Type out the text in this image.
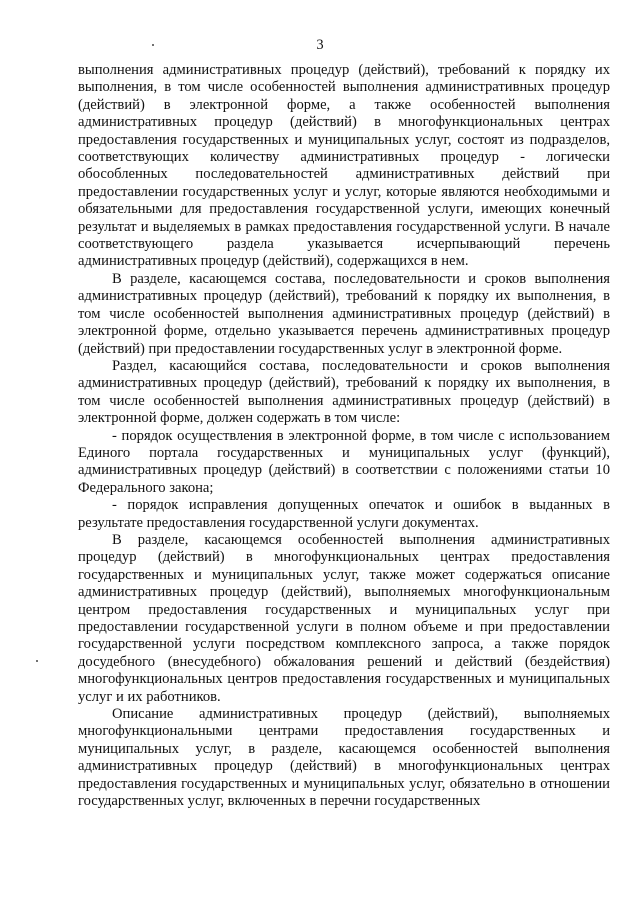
3

выполнения административных процедур (действий), требований к порядку их выполнения, в том числе особенностей выполнения административных процедур (действий) в электронной форме, а также особенностей выполнения административных процедур (действий) в многофункциональных центрах предоставления государственных и муниципальных услуг, состоят из подразделов, соответствующих количеству административных процедур - логически обособленных последовательностей административных действий при предоставлении государственных услуг и услуг, которые являются необходимыми и обязательными для предоставления государственной услуги, имеющих конечный результат и выделяемых в рамках предоставления государственной услуги. В начале соответствующего раздела указывается исчерпывающий перечень административных процедур (действий), содержащихся в нем.

В разделе, касающемся состава, последовательности и сроков выполнения административных процедур (действий), требований к порядку их выполнения, в том числе особенностей выполнения административных процедур (действий) в электронной форме, отдельно указывается перечень административных процедур (действий) при предоставлении государственных услуг в электронной форме.

Раздел, касающийся состава, последовательности и сроков выполнения административных процедур (действий), требований к порядку их выполнения, в том числе особенностей выполнения административных процедур (действий) в электронной форме, должен содержать в том числе:

- порядок осуществления в электронной форме, в том числе с использованием Единого портала государственных и муниципальных услуг (функций), административных процедур (действий) в соответствии с положениями статьи 10 Федерального закона;

- порядок исправления допущенных опечаток и ошибок в выданных в результате предоставления государственной услуги документах.

В разделе, касающемся особенностей выполнения административных процедур (действий) в многофункциональных центрах предоставления государственных и муниципальных услуг, также может содержаться описание административных процедур (действий), выполняемых многофункциональным центром предоставления государственных и муниципальных услуг при предоставлении государственной услуги в полном объеме и при предоставлении государственной услуги посредством комплексного запроса, а также порядок досудебного (внесудебного) обжалования решений и действий (бездействия) многофункциональных центров предоставления государственных и муниципальных услуг и их работников.

Описание административных процедур (действий), выполняемых многофункциональными центрами предоставления государственных и муниципальных услуг, в разделе, касающемся особенностей выполнения административных процедур (действий) в многофункциональных центрах предоставления государственных и муниципальных услуг, обязательно в отношении государственных услуг, включенных в перечни государственных
